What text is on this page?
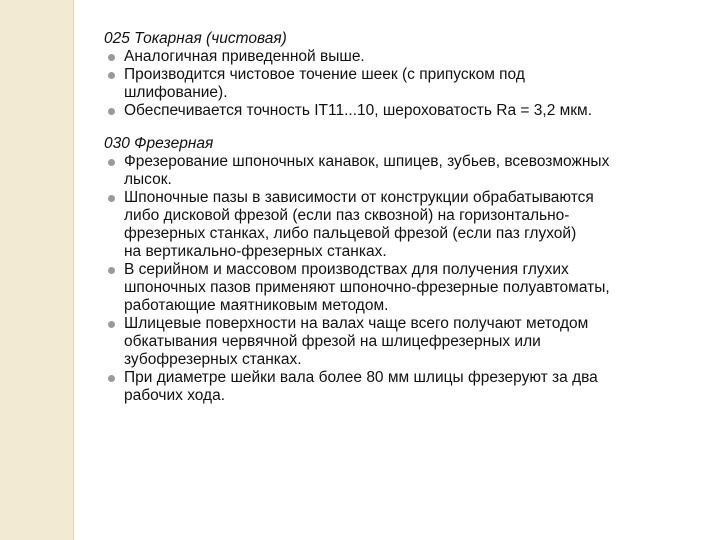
025 Токарная (чистовая)

Аналогичная приведенной выше.
Производится чистовое точение шеек (с припуском под
шлифование).
Обеспечивается точность IT11...10, шероховатость Ra = 3,2 мкм.

030 Фрезерная

Фрезерование шпоночных канавок, шпицев, зубьев, всевозможных
лысок.
Шпоночные пазы в зависимости от конструкции обрабатываются
либо дисковой фрезой (если паз сквозной) на горизонтально-
фрезерных станках, либо пальцевой фрезой (если паз глухой)
на вертикально-фрезерных станках.
В серийном и массовом производствах для получения глухих
шпоночных пазов применяют шпоночно-фрезерные полуавтоматы,
работающие маятниковым методом.
Шлицевые поверхности на валах чаще всего получают методом
обкатывания червячной фрезой на шлицефрезерных или
зубофрезерных станках.
При диаметре шейки вала более 80 мм шлицы фрезеруют за два
рабочих хода.
